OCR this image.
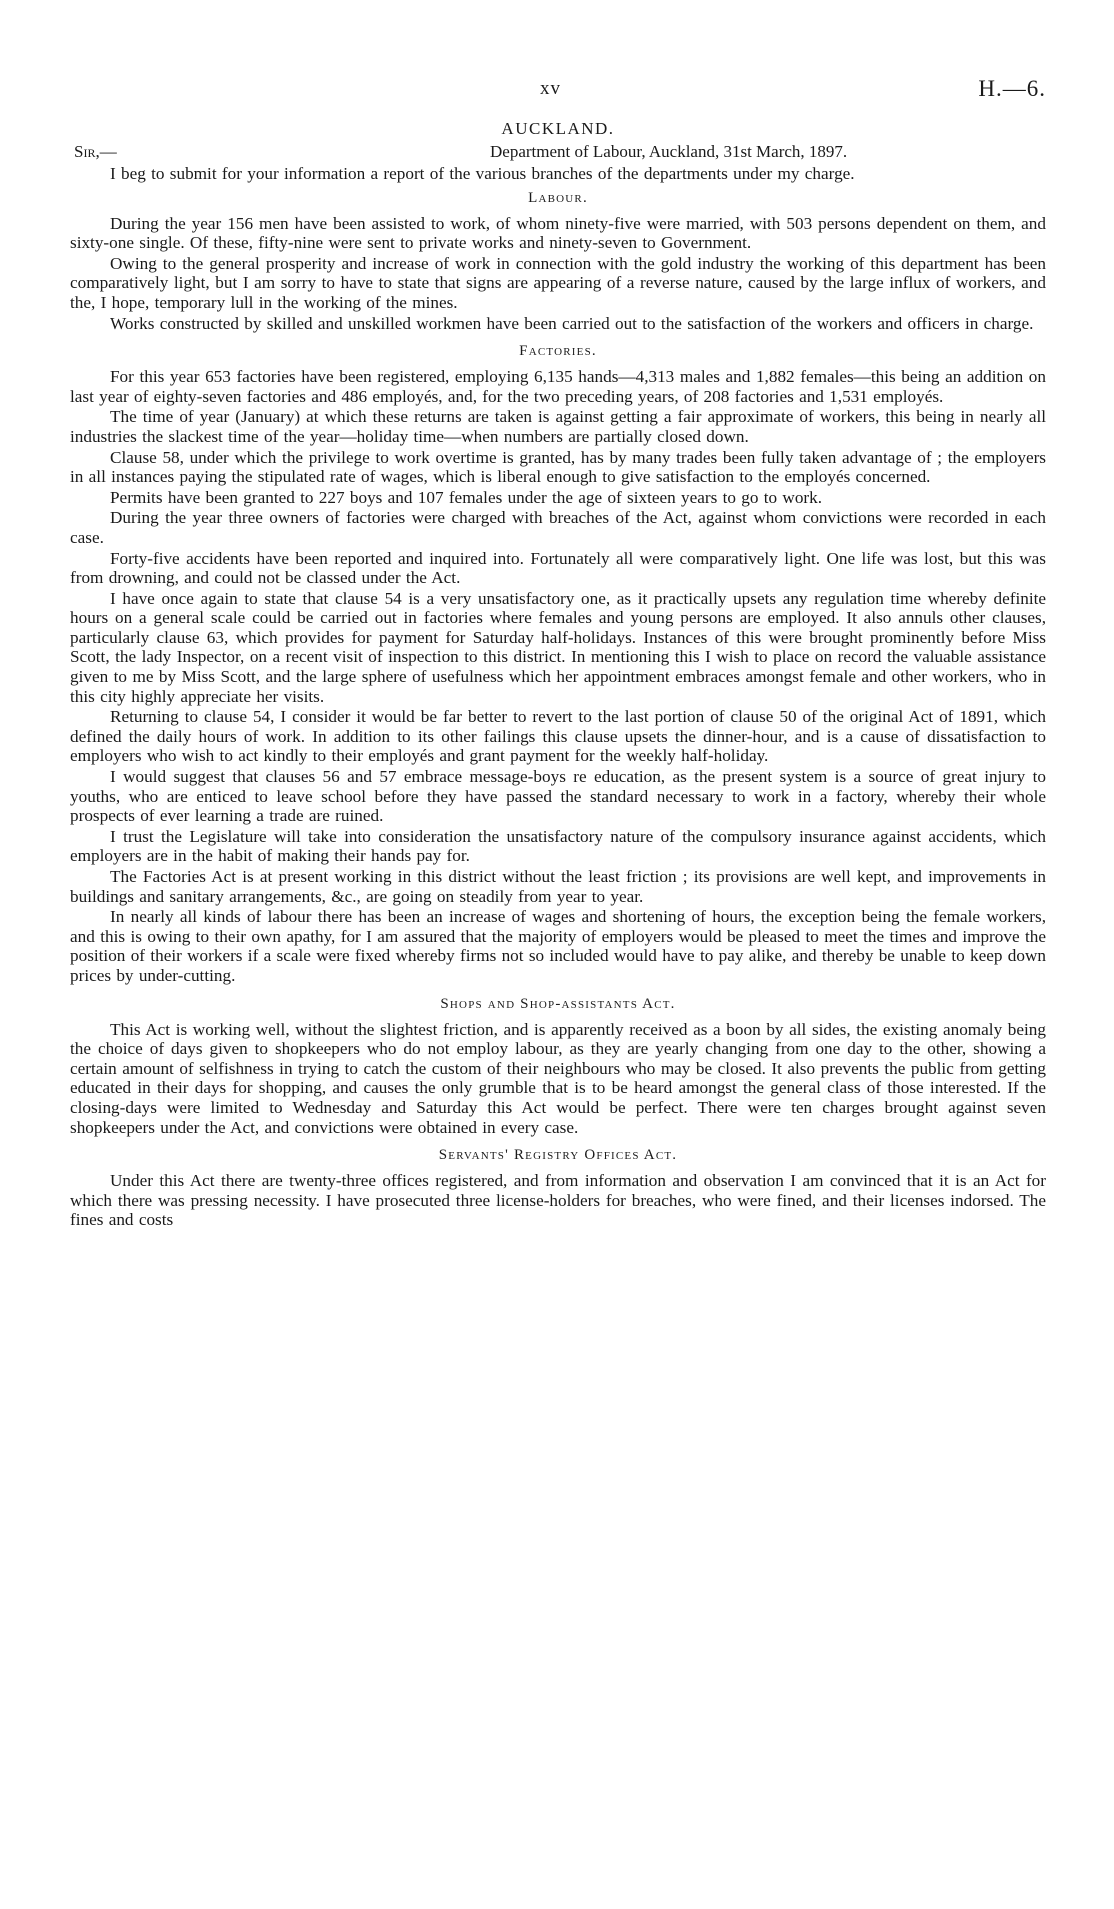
xv	H.—6.
AUCKLAND.
Sir,—	Department of Labour, Auckland, 31st March, 1897.

I beg to submit for your information a report of the various branches of the departments under my charge.

Labour.

During the year 156 men have been assisted to work, of whom ninety-five were married, with 503 persons dependent on them, and sixty-one single. Of these, fifty-nine were sent to private works and ninety-seven to Government.

Owing to the general prosperity and increase of work in connection with the gold industry the working of this department has been comparatively light, but I am sorry to have to state that signs are appearing of a reverse nature, caused by the large influx of workers, and the, I hope, temporary lull in the working of the mines.

Works constructed by skilled and unskilled workmen have been carried out to the satisfaction of the workers and officers in charge.

Factories.

For this year 653 factories have been registered, employing 6,135 hands—4,313 males and 1,882 females—this being an addition on last year of eighty-seven factories and 486 employés, and, for the two preceding years, of 208 factories and 1,531 employés.

The time of year (January) at which these returns are taken is against getting a fair approximate of workers, this being in nearly all industries the slackest time of the year—holiday time—when numbers are partially closed down.

Clause 58, under which the privilege to work overtime is granted, has by many trades been fully taken advantage of ; the employers in all instances paying the stipulated rate of wages, which is liberal enough to give satisfaction to the employés concerned.

Permits have been granted to 227 boys and 107 females under the age of sixteen years to go to work.

During the year three owners of factories were charged with breaches of the Act, against whom convictions were recorded in each case.

Forty-five accidents have been reported and inquired into. Fortunately all were comparatively light. One life was lost, but this was from drowning, and could not be classed under the Act.

I have once again to state that clause 54 is a very unsatisfactory one, as it practically upsets any regulation time whereby definite hours on a general scale could be carried out in factories where females and young persons are employed. It also annuls other clauses, particularly clause 63, which provides for payment for Saturday half-holidays. Instances of this were brought prominently before Miss Scott, the lady Inspector, on a recent visit of inspection to this district. In mentioning this I wish to place on record the valuable assistance given to me by Miss Scott, and the large sphere of usefulness which her appointment embraces amongst female and other workers, who in this city highly appreciate her visits.

Returning to clause 54, I consider it would be far better to revert to the last portion of clause 50 of the original Act of 1891, which defined the daily hours of work. In addition to its other failings this clause upsets the dinner-hour, and is a cause of dissatisfaction to employers who wish to act kindly to their employés and grant payment for the weekly half-holiday.

I would suggest that clauses 56 and 57 embrace message-boys re education, as the present system is a source of great injury to youths, who are enticed to leave school before they have passed the standard necessary to work in a factory, whereby their whole prospects of ever learning a trade are ruined.

I trust the Legislature will take into consideration the unsatisfactory nature of the compulsory insurance against accidents, which employers are in the habit of making their hands pay for.

The Factories Act is at present working in this district without the least friction ; its provisions are well kept, and improvements in buildings and sanitary arrangements, &c., are going on steadily from year to year.

In nearly all kinds of labour there has been an increase of wages and shortening of hours, the exception being the female workers, and this is owing to their own apathy, for I am assured that the majority of employers would be pleased to meet the times and improve the position of their workers if a scale were fixed whereby firms not so included would have to pay alike, and thereby be unable to keep down prices by under-cutting.

Shops and Shop-assistants Act.

This Act is working well, without the slightest friction, and is apparently received as a boon by all sides, the existing anomaly being the choice of days given to shopkeepers who do not employ labour, as they are yearly changing from one day to the other, showing a certain amount of selfishness in trying to catch the custom of their neighbours who may be closed. It also prevents the public from getting educated in their days for shopping, and causes the only grumble that is to be heard amongst the general class of those interested. If the closing-days were limited to Wednesday and Saturday this Act would be perfect. There were ten charges brought against seven shopkeepers under the Act, and convictions were obtained in every case.

Servants' Registry Offices Act.

Under this Act there are twenty-three offices registered, and from information and observation I am convinced that it is an Act for which there was pressing necessity. I have prosecuted three license-holders for breaches, who were fined, and their licenses indorsed. The fines and costs
